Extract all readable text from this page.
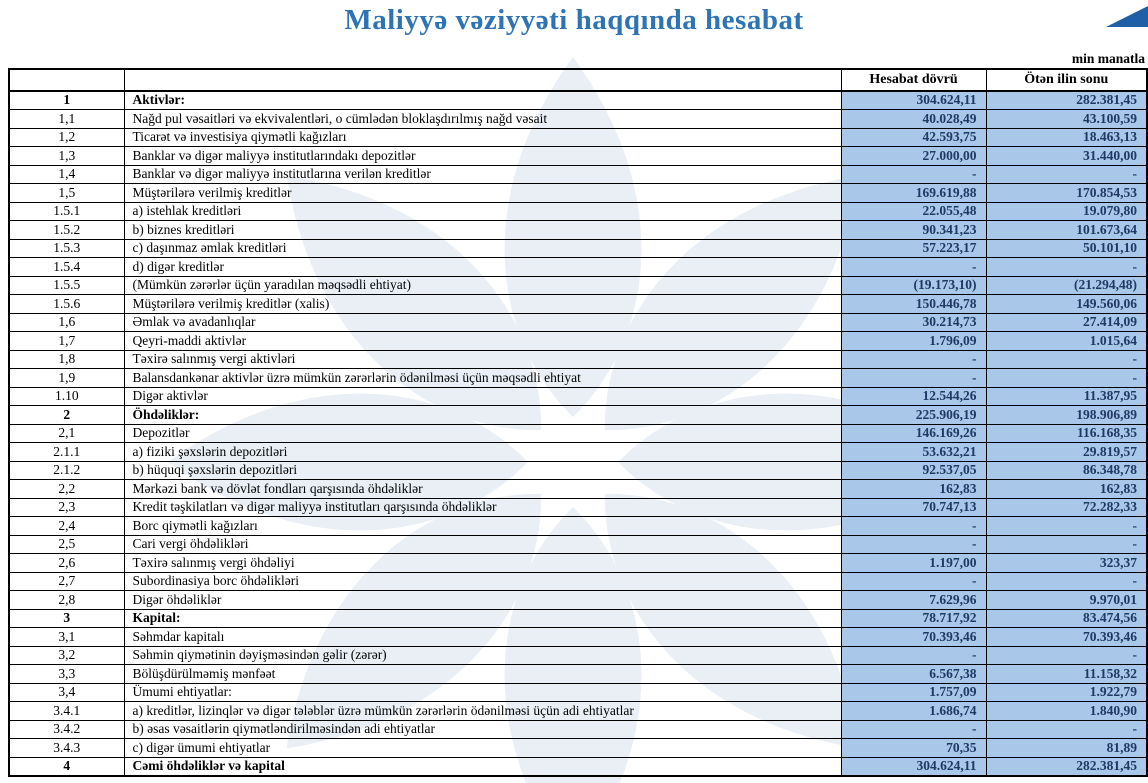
Maliyyə vəziyyəti haqqında hesabat
min manatla
		Hesabat dövrü	Ötən ilin sonu
1	Aktivlər:	304.624,11	282.381,45
1,1	Nağd pul vəsaitləri və ekvivalentləri, o cümlədən bloklaşdırılmış nağd vəsait	40.028,49	43.100,59
1,2	Ticarət və investisiya qiymətli kağızları	42.593,75	18.463,13
1,3	Banklar və digər maliyyə institutlarındakı depozitlər	27.000,00	31.440,00
1,4	Banklar və digər maliyyə institutlarına verilən kreditlər	-	-
1,5	Müştərilərə verilmiş kreditlər	169.619,88	170.854,53
1.5.1	a) istehlak kreditləri	22.055,48	19.079,80
1.5.2	b) biznes kreditləri	90.341,23	101.673,64
1.5.3	c) daşınmaz əmlak kreditləri	57.223,17	50.101,10
1.5.4	d) digər kreditlər	-	-
1.5.5	(Mümkün zərərlər üçün yaradılan məqsədli ehtiyat)	(19.173,10)	(21.294,48)
1.5.6	Müştərilərə verilmiş kreditlər (xalis)	150.446,78	149.560,06
1,6	Əmlak və avadanlıqlar	30.214,73	27.414,09
1,7	Qeyri-maddi aktivlər	1.796,09	1.015,64
1,8	Təxirə salınmış vergi aktivləri	-	-
1,9	Balansdankənar aktivlər üzrə mümkün zərərlərin ödənilməsi üçün məqsədli ehtiyat	-	-
1.10	Digər aktivlər	12.544,26	11.387,95
2	Öhdəliklər:	225.906,19	198.906,89
2,1	Depozitlər	146.169,26	116.168,35
2.1.1	a) fiziki şəxslərin depozitləri	53.632,21	29.819,57
2.1.2	b) hüquqi şəxslərin depozitləri	92.537,05	86.348,78
2,2	Mərkəzi bank və dövlət fondları qarşısında öhdəliklər	162,83	162,83
2,3	Kredit təşkilatları və digər maliyyə institutları qarşısında öhdəliklər	70.747,13	72.282,33
2,4	Borc qiymətli kağızları	-	-
2,5	Cari vergi öhdəlikləri	-	-
2,6	Təxirə salınmış vergi öhdəliyi	1.197,00	323,37
2,7	Subordinasiya borc öhdəlikləri	-	-
2,8	Digər öhdəliklər	7.629,96	9.970,01
3	Kapital:	78.717,92	83.474,56
3,1	Səhmdar kapitalı	70.393,46	70.393,46
3,2	Səhmin qiymətinin dəyişməsindən gəlir (zərər)	-	-
3,3	Bölüşdürülməmiş mənfəət	6.567,38	11.158,32
3,4	Ümumi ehtiyatlar:	1.757,09	1.922,79
3.4.1	a) kreditlər, lizinqlər və digər tələblər üzrə mümkün zərərlərin ödənilməsi üçün adi ehtiyatlar	1.686,74	1.840,90
3.4.2	b) əsas vəsaitlərin qiymətləndirilməsindən adi ehtiyatlar	-	-
3.4.3	c) digər ümumi ehtiyatlar	70,35	81,89
4	Cəmi öhdəliklər və kapital	304.624,11	282.381,45
